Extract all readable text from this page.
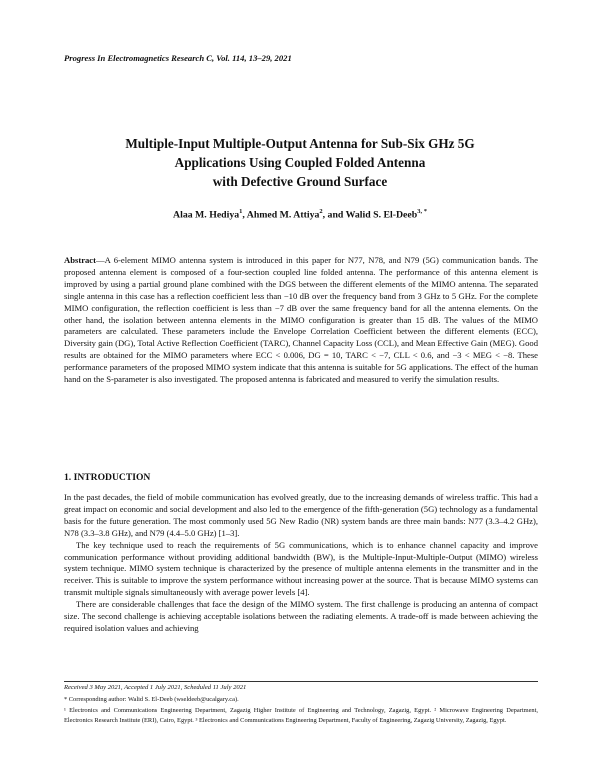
Progress In Electromagnetics Research C, Vol. 114, 13–29, 2021
Multiple-Input Multiple-Output Antenna for Sub-Six GHz 5G
Applications Using Coupled Folded Antenna
with Defective Ground Surface
Alaa M. Hediya$^1$, Ahmed M. Attiya$^2$, and Walid S. El-Deeb$^{3, *}$
Abstract—A 6-element MIMO antenna system is introduced in this paper for N77, N78, and N79 (5G) communication bands. The proposed antenna element is composed of a four-section coupled line folded antenna. The performance of this antenna element is improved by using a partial ground plane combined with the DGS between the different elements of the MIMO antenna. The separated single antenna in this case has a reflection coefficient less than −10 dB over the frequency band from 3 GHz to 5 GHz. For the complete MIMO configuration, the reflection coefficient is less than −7 dB over the same frequency band for all the antenna elements. On the other hand, the isolation between antenna elements in the MIMO configuration is greater than 15 dB. The values of the MIMO parameters are calculated. These parameters include the Envelope Correlation Coefficient between the different elements (ECC), Diversity gain (DG), Total Active Reflection Coefficient (TARC), Channel Capacity Loss (CCL), and Mean Effective Gain (MEG). Good results are obtained for the MIMO parameters where ECC < 0.006, DG = 10, TARC < −7, CLL < 0.6, and −3 < MEG < −8. These performance parameters of the proposed MIMO system indicate that this antenna is suitable for 5G applications. The effect of the human hand on the S-parameter is also investigated. The proposed antenna is fabricated and measured to verify the simulation results.
1. INTRODUCTION

In the past decades, the field of mobile communication has evolved greatly, due to the increasing demands of wireless traffic. This had a great impact on economic and social development and also led to the emergence of the fifth-generation (5G) technology as a fundamental basis for the future generation. The most commonly used 5G New Radio (NR) system bands are three main bands: N77 (3.3–4.2 GHz), N78 (3.3–3.8 GHz), and N79 (4.4–5.0 GHz) [1–3].

The key technique used to reach the requirements of 5G communications, which is to enhance channel capacity and improve communication performance without providing additional bandwidth (BW), is the Multiple-Input-Multiple-Output (MIMO) wireless system technique. MIMO system technique is characterized by the presence of multiple antenna elements in the transmitter and in the receiver. This is suitable to improve the system performance without increasing power at the source. That is because MIMO systems can transmit multiple signals simultaneously with average power levels [4].

There are considerable challenges that face the design of the MIMO system. The first challenge is producing an antenna of compact size. The second challenge is achieving acceptable isolations between the radiating elements. A trade-off is made between achieving the required isolation values and achieving

Received 3 May 2021, Accepted 1 July 2021, Scheduled 11 July 2021
* Corresponding author: Walid S. El-Deeb (wseldeeb@ucalgary.ca).
¹ Electronics and Communications Engineering Department, Zagazig Higher Institute of Engineering and Technology, Zagazig, Egypt. ² Microwave Engineering Department, Electronics Research Institute (ERI), Cairo, Egypt. ³ Electronics and Communications Engineering Department, Faculty of Engineering, Zagazig University, Zagazig, Egypt.
